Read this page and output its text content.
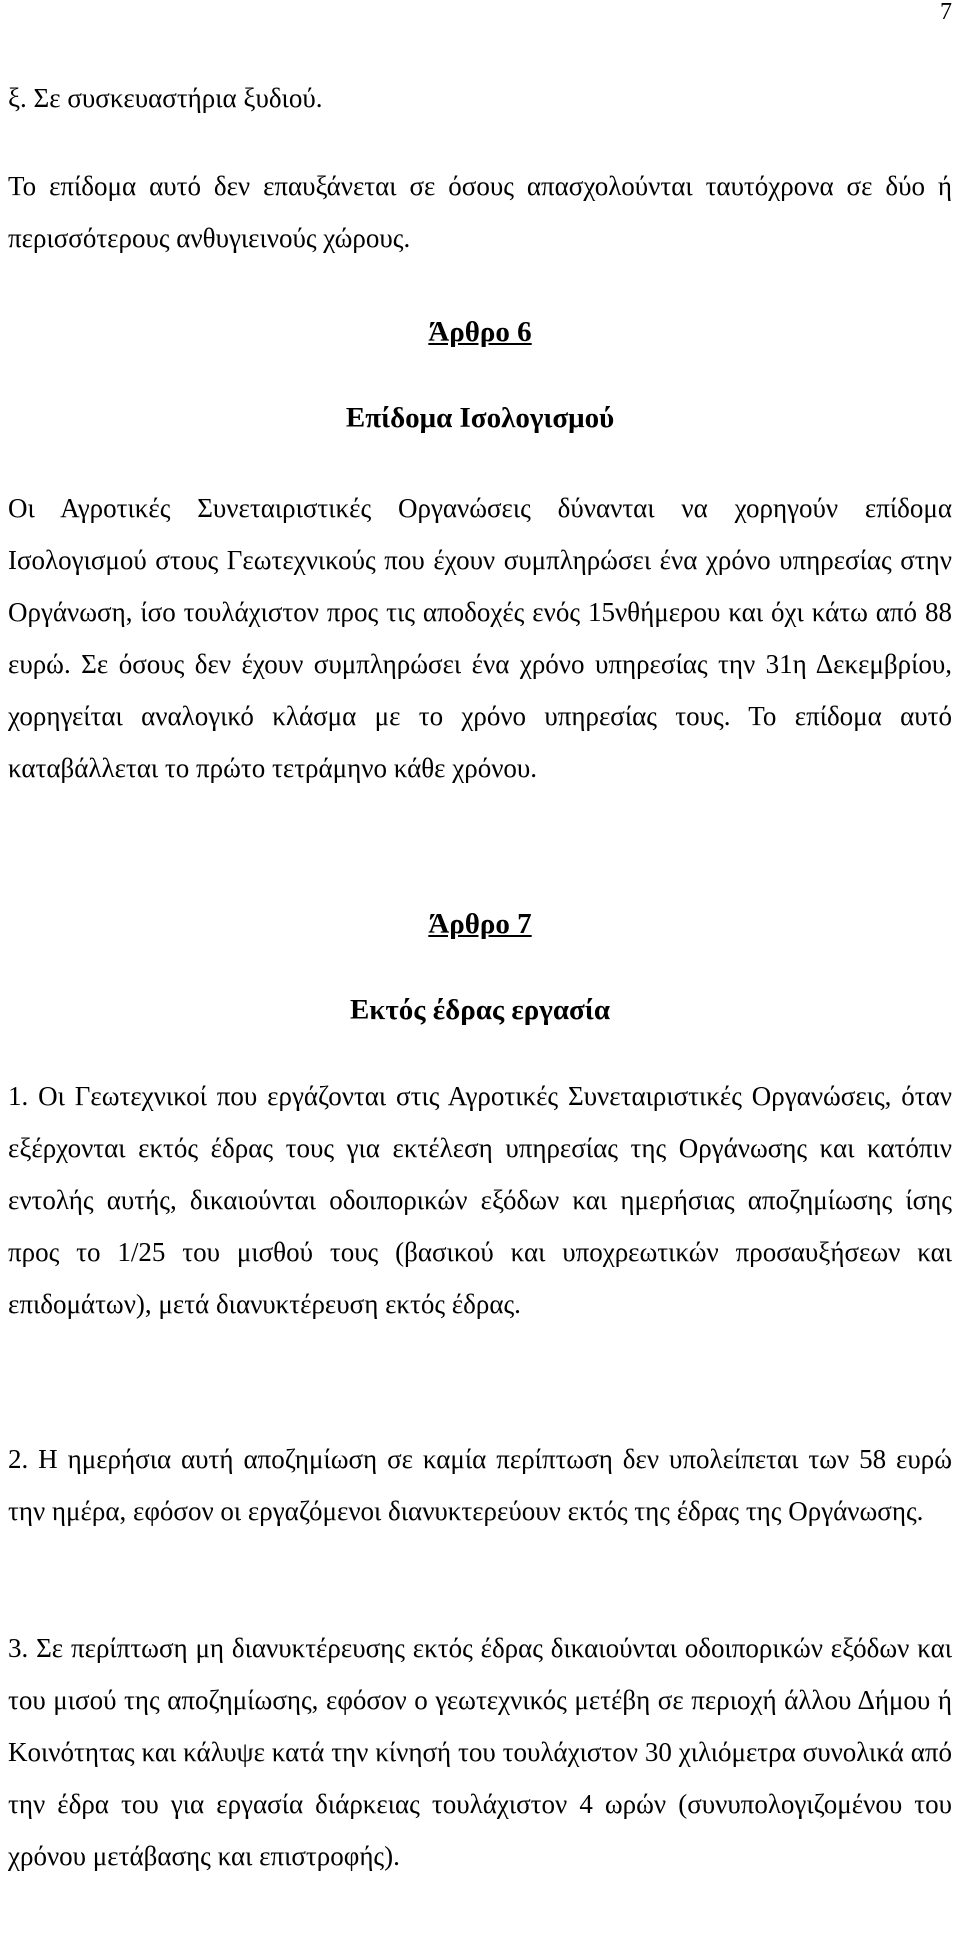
7

ξ. Σε συσκευαστήρια ξυδιού.

Το επίδομα αυτό δεν επαυξάνεται σε όσους απασχολούνται ταυτόχρονα σε δύο ή περισσότερους ανθυγιεινούς χώρους.

Άρθρο 6

Επίδομα Ισολογισμού

Οι Αγροτικές Συνεταιριστικές Οργανώσεις δύνανται να χορηγούν επίδομα Ισολογισμού στους Γεωτεχνικούς που έχουν συμπληρώσει ένα χρόνο υπηρεσίας στην Οργάνωση, ίσο τουλάχιστον προς τις αποδοχές ενός 15νθήμερου και όχι κάτω από 88 ευρώ. Σε όσους δεν έχουν συμπληρώσει ένα χρόνο υπηρεσίας την 31η Δεκεμβρίου, χορηγείται αναλογικό κλάσμα με το χρόνο υπηρεσίας τους. Το επίδομα αυτό καταβάλλεται το πρώτο τετράμηνο κάθε χρόνου.

Άρθρο 7

Εκτός έδρας εργασία

1. Οι Γεωτεχνικοί που εργάζονται στις Αγροτικές Συνεταιριστικές Οργανώσεις, όταν εξέρχονται εκτός έδρας τους για εκτέλεση υπηρεσίας της Οργάνωσης και κατόπιν εντολής αυτής, δικαιούνται οδοιπορικών εξόδων και ημερήσιας αποζημίωσης ίσης προς το 1/25 του μισθού τους (βασικού και υποχρεωτικών προσαυξήσεων και επιδομάτων), μετά διανυκτέρευση εκτός έδρας.

2. Η ημερήσια αυτή αποζημίωση σε καμία περίπτωση δεν υπολείπεται των 58 ευρώ την ημέρα, εφόσον οι εργαζόμενοι διανυκτερεύουν εκτός της έδρας της Οργάνωσης.

3. Σε περίπτωση μη διανυκτέρευσης εκτός έδρας δικαιούνται οδοιπορικών εξόδων και του μισού της αποζημίωσης, εφόσον ο γεωτεχνικός μετέβη σε περιοχή άλλου Δήμου ή Κοινότητας και κάλυψε κατά την κίνησή του τουλάχιστον 30 χιλιόμετρα συνολικά από την έδρα του για εργασία διάρκειας τουλάχιστον 4 ωρών (συνυπολογιζομένου του χρόνου μετάβασης και επιστροφής).
